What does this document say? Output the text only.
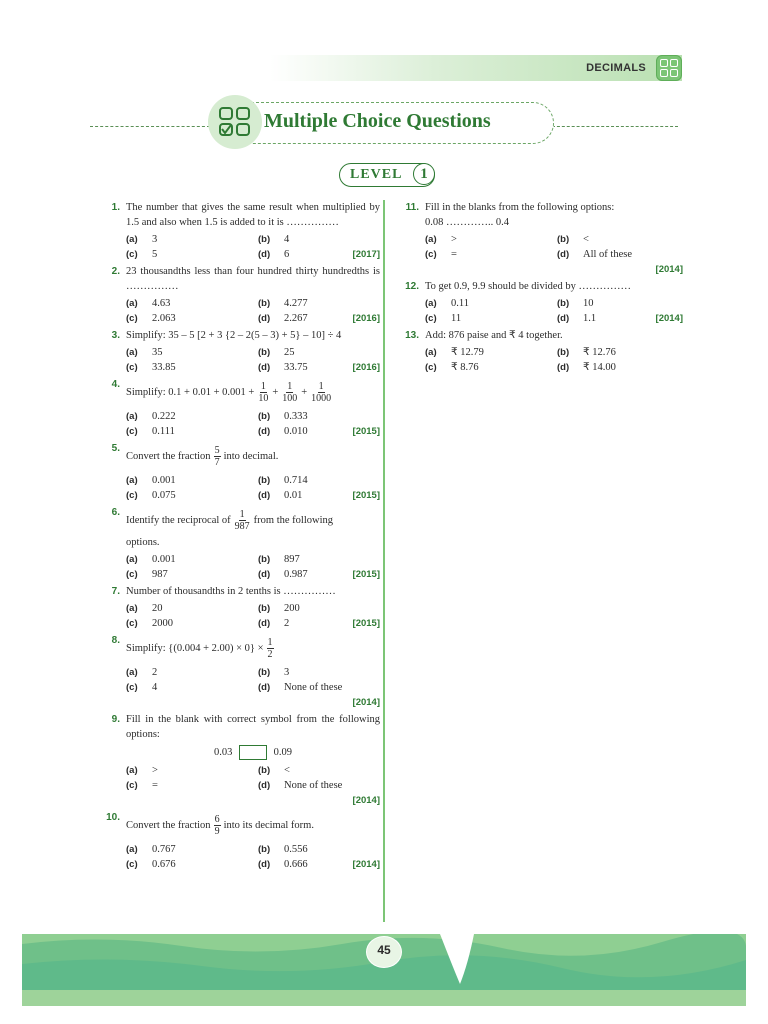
DECIMALS
Multiple Choice Questions
LEVEL	1
1. The number that gives the same result when multiplied by 1.5 and also when 1.5 is added to it is ……………
(a)	3	(b)	4
(c)	5	(d)	6	[2017]
2. 23 thousandths less than four hundred thirty hundredths is ……………
(a)	4.63	(b)	4.277
(c)	2.063	(d)	2.267	[2016]
3. Simplify: 35 – 5 [2 + 3 {2 – 2(5 – 3) + 5} – 10] ÷ 4
(a)	35	(b)	25
(c)	33.85	(d)	33.75	[2016]
4.
Simplify: $0.1 + 0.01 + 0.001 + \frac{1}{10} + \frac{1}{100} + \frac{1}{1000}$
(a)	0.222	(b)	0.333
(c)	0.111	(d)	0.010	[2015]
5.
Convert the fraction $\frac{5}{7}$ into decimal.
(a)	0.001	(b)	0.714
(c)	0.075	(d)	0.01	[2015]
6.
Identify the reciprocal of $\frac{1}{987}$ from the following
options.
(a)	0.001	(b)	897
(c)	987	(d)	0.987	[2015]
7. Number of thousandths in 2 tenths is ……………
(a)	20	(b)	200
(c)	2000	(d)	2	[2015]
8.
Simplify: $\{(0.004 + 2.00) \times 0\} \times \frac{1}{2}$
(a)	2	(b)	3
(c)	4	(d)	None of these
[2014]
9. Fill in the blank with correct symbol from the following options:
0.03	0.09
(a)	>	(b)	<
(c)	=	(d)	None of these
[2014]
10.
Convert the fraction $\frac{6}{9}$ into its decimal form.
(a)	0.767	(b)	0.556
(c)	0.676	(d)	0.666	[2014]
11. Fill in the blanks from the following options:
0.08 ………….. 0.4
(a)	>	(b)	<
(c)	=	(d)	All of these
[2014]
12. To get 0.9, 9.9 should be divided by ……………
(a)	0.11	(b)	10
(c)	11	(d)	1.1	[2014]
13. Add: 876 paise and ₹ 4 together.
(a)	₹ 12.79	(b)	₹ 12.76
(c)	₹ 8.76	(d)	₹ 14.00
45
